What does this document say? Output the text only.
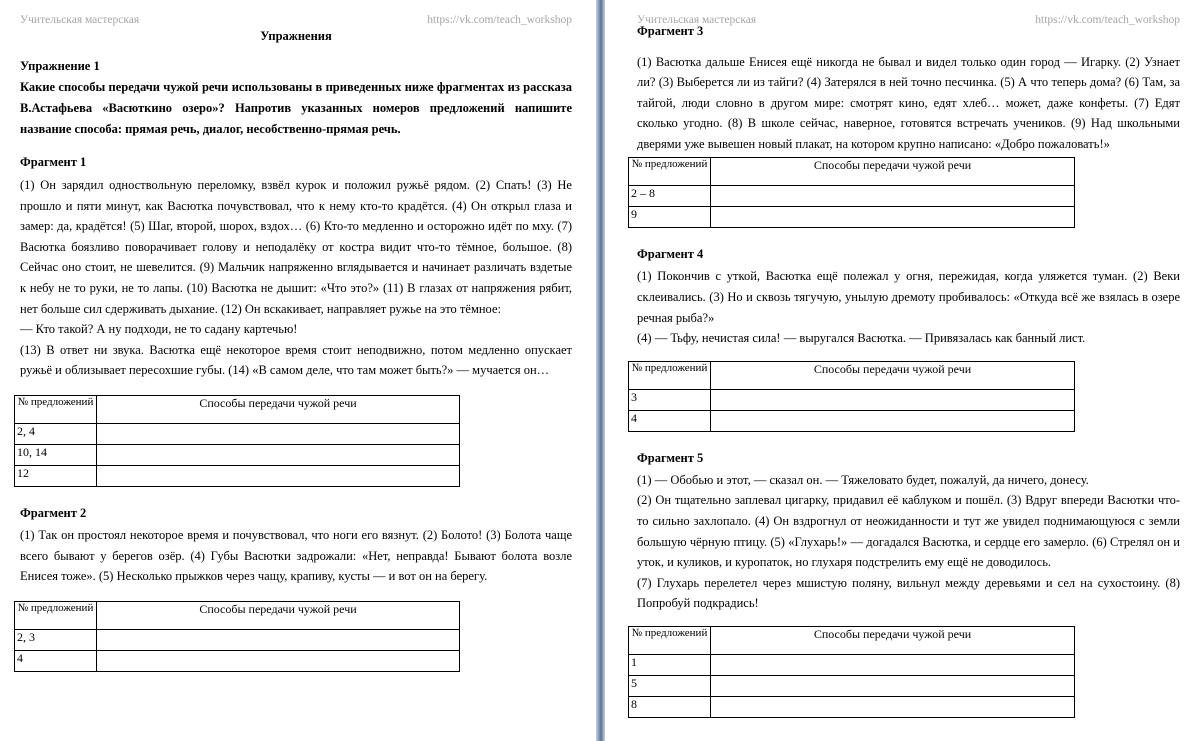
Учительская мастерская	https://vk.com/teach_workshop
Упражнения

Упражнение 1

Какие способы передачи чужой речи использованы в приведенных ниже фрагментах из рассказа В.Астафьева «Васюткино озеро»? Напротив указанных номеров предложений напишите название способа: прямая речь, диалог, несобственно-прямая речь.

Фрагмент 1

(1) Он зарядил одноствольную переломку, взвёл курок и положил ружьё рядом. (2) Спать! (3) Не прошло и пяти минут, как Васютка почувствовал, что к нему кто-то крадётся. (4) Он открыл глаза и замер: да, крадётся! (5) Шаг, второй, шорох, вздох… (6) Кто-то медленно и осторожно идёт по мху. (7) Васютка боязливо поворачивает голову и неподалёку от костра видит что-то тёмное, большое. (8) Сейчас оно стоит, не шевелится. (9) Мальчик напряженно вглядывается и начинает различать вздетые к небу не то руки, не то лапы. (10) Васютка не дышит: «Что это?» (11) В глазах от напряжения рябит, нет больше сил сдерживать дыхание. (12) Он вскакивает, направляет ружье на это тёмное:

— Кто такой? А ну подходи, не то садану картечью!

(13) В ответ ни звука. Васютка ещё некоторое время стоит неподвижно, потом медленно опускает ружьё и облизывает пересохшие губы. (14) «В самом деле, что там может быть?» — мучается он…

№ предложений	Способы передачи чужой речи
2, 4	
10, 14	
12	

Фрагмент 2

(1) Так он простоял некоторое время и почувствовал, что ноги его вязнут. (2) Болото! (3) Болота чаще всего бывают у берегов озёр. (4) Губы Васютки задрожали: «Нет, неправда! Бывают болота возле Енисея тоже». (5) Несколько прыжков через чащу, крапиву, кусты — и вот он на берегу.

№ предложений	Способы передачи чужой речи
2, 3	
4	
Учительская мастерская	https://vk.com/teach_workshop

Фрагмент 3

(1) Васютка дальше Енисея ещё никогда не бывал и видел только один город — Игарку. (2) Узнает ли? (3) Выберется ли из тайги? (4) Затерялся в ней точно песчинка. (5) А что теперь дома? (6) Там, за тайгой, люди словно в другом мире: смотрят кино, едят хлеб… может, даже конфеты. (7) Едят сколько угодно. (8) В школе сейчас, наверное, готовятся встречать учеников. (9) Над школьными дверями уже вывешен новый плакат, на котором крупно написано: «Добро пожаловать!»

№ предложений	Способы передачи чужой речи
2 – 8	
9	

Фрагмент 4

(1) Покончив с уткой, Васютка ещё полежал у огня, пережидая, когда уляжется туман. (2) Веки склеивались. (3) Но и сквозь тягучую, унылую дремоту пробивалось: «Откуда всё же взялась в озере речная рыба?»

(4) — Тьфу, нечистая сила! — выругался Васютка. — Привязалась как банный лист.

№ предложений	Способы передачи чужой речи
3	
4	

Фрагмент 5

(1) — Обобью и этот, — сказал он. — Тяжеловато будет, пожалуй, да ничего, донесу.

(2) Он тщательно заплевал цигарку, придавил её каблуком и пошёл. (3) Вдруг впереди Васютки что-то сильно захлопало. (4) Он вздрогнул от неожиданности и тут же увидел поднимающуюся с земли большую чёрную птицу. (5) «Глухарь!» — догадался Васютка, и сердце его замерло. (6) Стрелял он и уток, и куликов, и куропаток, но глухаря подстрелить ему ещё не доводилось.

(7) Глухарь перелетел через мшистую поляну, вильнул между деревьями и сел на сухостоину. (8) Попробуй подкрадись!

№ предложений	Способы передачи чужой речи
1	
5	
8	
